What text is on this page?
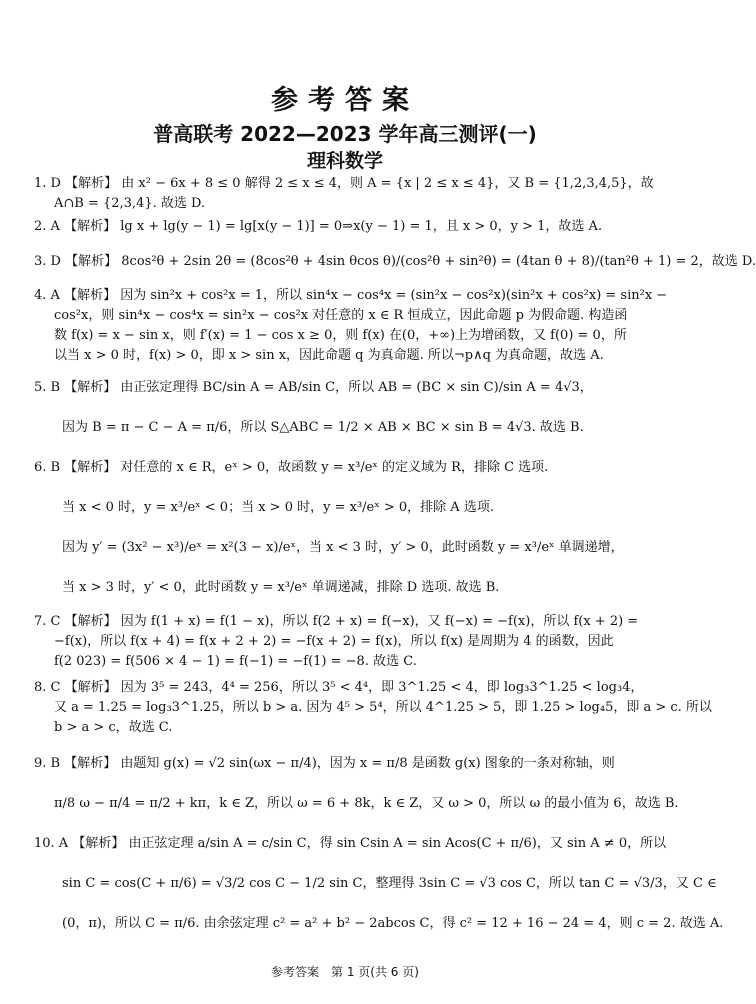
参考答案
普高联考 2022—2023 学年高三测评(一)
理科数学
1. D 【解析】 由 x² − 6x + 8 ≤ 0 解得 2 ≤ x ≤ 4，则 A = {x | 2 ≤ x ≤ 4}，又 B = {1,2,3,4,5}，故
A∩B = {2,3,4}. 故选 D.
2. A 【解析】 lg x + lg(y − 1) = lg[x(y − 1)] = 0⇒x(y − 1) = 1，且 x > 0，y > 1，故选 A.
3. D 【解析】 8cos²θ + 2sin 2θ = (8cos²θ + 4sin θcos θ)/(cos²θ + sin²θ) = (4tan θ + 8)/(tan²θ + 1) = 2，故选 D.
4. A 【解析】 因为 sin²x + cos²x = 1，所以 sin⁴x − cos⁴x = (sin²x − cos²x)(sin²x + cos²x) = sin²x −
cos²x，则 sin⁴x − cos⁴x = sin²x − cos²x 对任意的 x ∈ R 恒成立，因此命题 p 为假命题. 构造函
数 f(x) = x − sin x，则 f′(x) = 1 − cos x ≥ 0，则 f(x) 在(0，+∞)上为增函数，又 f(0) = 0，所
以当 x > 0 时，f(x) > 0，即 x > sin x，因此命题 q 为真命题. 所以¬p∧q 为真命题，故选 A.
5. B 【解析】 由正弦定理得 BC/sin A = AB/sin C，所以 AB = (BC × sin C)/sin A = 4√3，
因为 B = π − C − A = π/6，所以 S△ABC = 1/2 × AB × BC × sin B = 4√3. 故选 B.
6. B 【解析】 对任意的 x ∈ R，eˣ > 0，故函数 y = x³/eˣ 的定义域为 R，排除 C 选项.
当 x < 0 时，y = x³/eˣ < 0；当 x > 0 时，y = x³/eˣ > 0，排除 A 选项.
因为 y′ = (3x² − x³)/eˣ = x²(3 − x)/eˣ，当 x < 3 时，y′ > 0，此时函数 y = x³/eˣ 单调递增，
当 x > 3 时，y′ < 0，此时函数 y = x³/eˣ 单调递减，排除 D 选项. 故选 B.
7. C 【解析】 因为 f(1 + x) = f(1 − x)，所以 f(2 + x) = f(−x)，又 f(−x) = −f(x)，所以 f(x + 2) =
−f(x)，所以 f(x + 4) = f(x + 2 + 2) = −f(x + 2) = f(x)，所以 f(x) 是周期为 4 的函数，因此
f(2 023) = f(506 × 4 − 1) = f(−1) = −f(1) = −8. 故选 C.
8. C 【解析】 因为 3⁵ = 243，4⁴ = 256，所以 3⁵ < 4⁴，即 3^1.25 < 4，即 log₃3^1.25 < log₃4，
又 a = 1.25 = log₃3^1.25，所以 b > a. 因为 4⁵ > 5⁴，所以 4^1.25 > 5，即 1.25 > log₄5，即 a > c. 所以
b > a > c，故选 C.
9. B 【解析】 由题知 g(x) = √2 sin(ωx − π/4)，因为 x = π/8 是函数 g(x) 图象的一条对称轴，则
π/8 ω − π/4 = π/2 + kπ，k ∈ Z，所以 ω = 6 + 8k，k ∈ Z，又 ω > 0，所以 ω 的最小值为 6，故选 B.
10. A 【解析】 由正弦定理 a/sin A = c/sin C，得 sin Csin A = sin Acos(C + π/6)，又 sin A ≠ 0，所以
sin C = cos(C + π/6) = √3/2 cos C − 1/2 sin C，整理得 3sin C = √3 cos C，所以 tan C = √3/3，又 C ∈
(0，π)，所以 C = π/6. 由余弦定理 c² = a² + b² − 2abcos C，得 c² = 12 + 16 − 24 = 4，则 c = 2. 故选 A.
参考答案　第 1 页(共 6 页)
